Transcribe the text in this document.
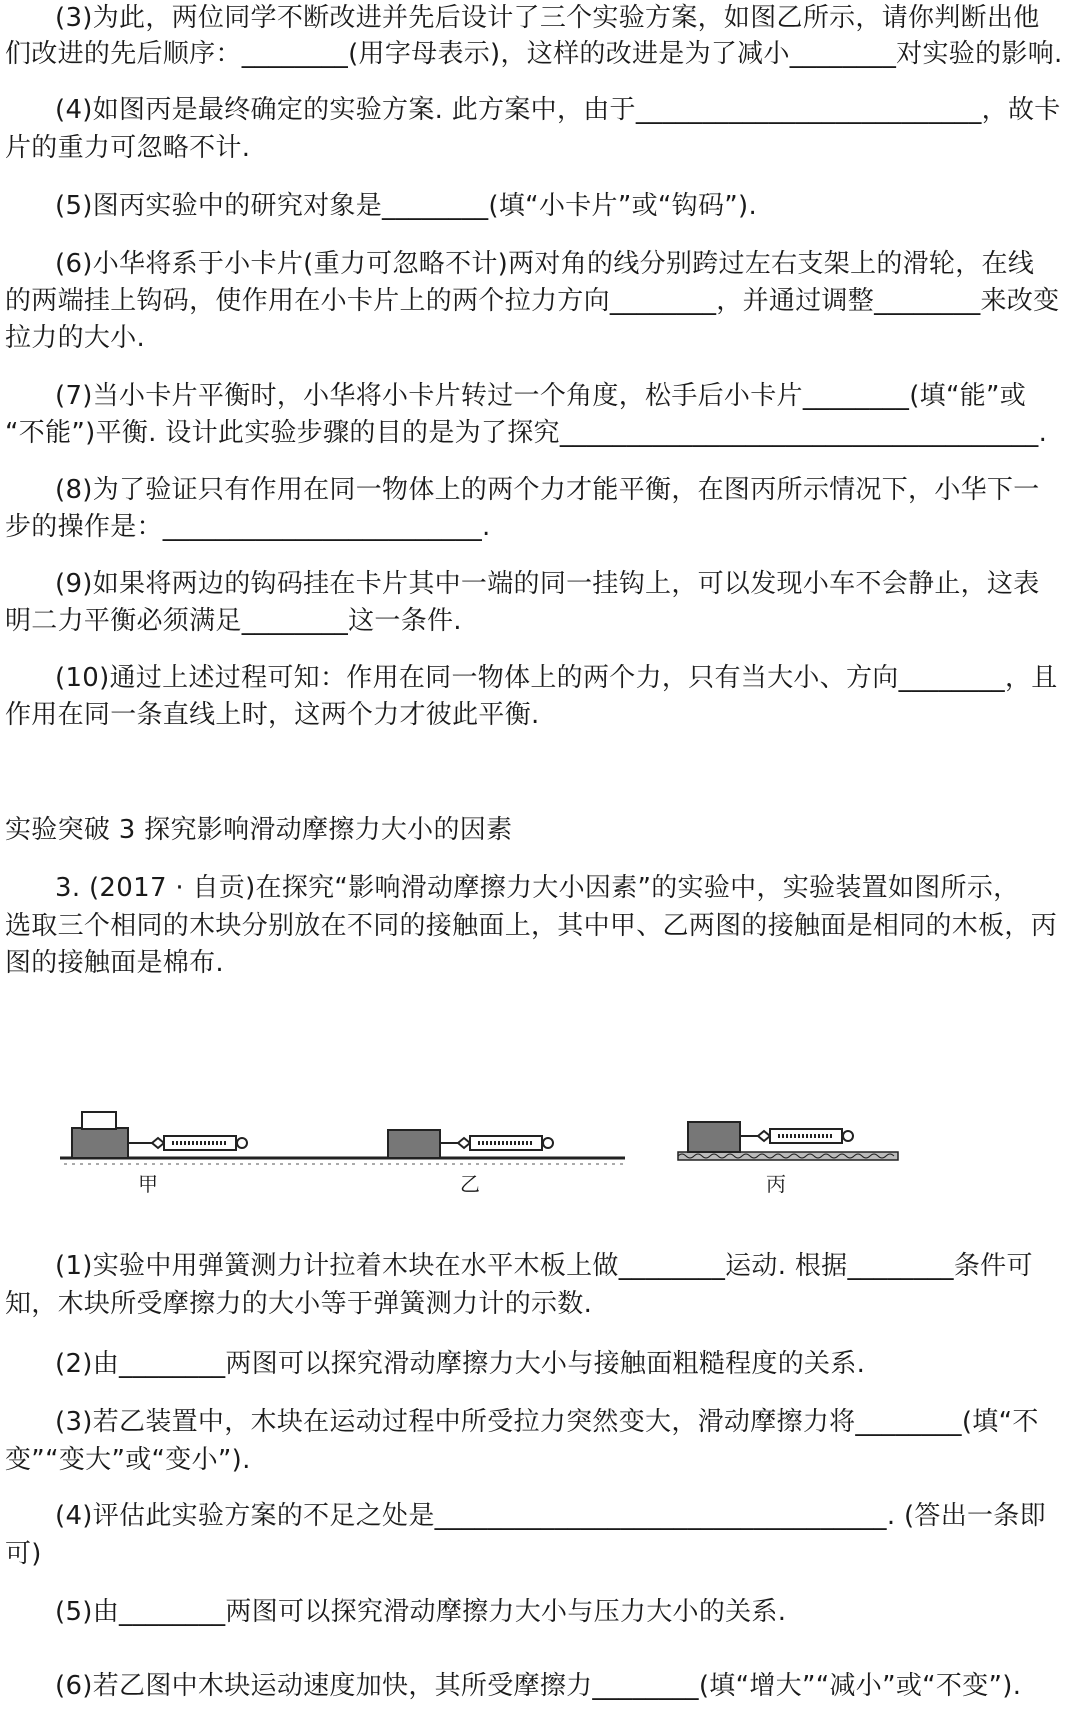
(3)为此，两位同学不断改进并先后设计了三个实验方案，如图乙所示，请你判断出他
们改进的先后顺序：________(用字母表示)，这样的改进是为了减小________对实验的影响.
(4)如图丙是最终确定的实验方案. 此方案中，由于__________________________，故卡
片的重力可忽略不计.
(5)图丙实验中的研究对象是________(填“小卡片”或“钩码”).
(6)小华将系于小卡片(重力可忽略不计)两对角的线分别跨过左右支架上的滑轮，在线
的两端挂上钩码，使作用在小卡片上的两个拉力方向________，并通过调整________来改变
拉力的大小.
(7)当小卡片平衡时，小华将小卡片转过一个角度，松手后小卡片________(填“能”或
“不能”)平衡. 设计此实验步骤的目的是为了探究____________________________________.
(8)为了验证只有作用在同一物体上的两个力才能平衡，在图丙所示情况下，小华下一
步的操作是：________________________.
(9)如果将两边的钩码挂在卡片其中一端的同一挂钩上，可以发现小车不会静止，这表
明二力平衡必须满足________这一条件.
(10)通过上述过程可知：作用在同一物体上的两个力，只有当大小、方向________，且
作用在同一条直线上时，这两个力才彼此平衡.
实验突破 3 探究影响滑动摩擦力大小的因素
3. (2017 · 自贡)在探究“影响滑动摩擦力大小因素”的实验中，实验装置如图所示，
选取三个相同的木块分别放在不同的接触面上，其中甲、乙两图的接触面是相同的木板，丙
图的接触面是棉布.
甲	乙	丙
(1)实验中用弹簧测力计拉着木块在水平木板上做________运动. 根据________条件可
知，木块所受摩擦力的大小等于弹簧测力计的示数.
(2)由________两图可以探究滑动摩擦力大小与接触面粗糙程度的关系.
(3)若乙装置中，木块在运动过程中所受拉力突然变大，滑动摩擦力将________(填“不
变”“变大”或“变小”).
(4)评估此实验方案的不足之处是__________________________________. (答出一条即
可)
(5)由________两图可以探究滑动摩擦力大小与压力大小的关系.
(6)若乙图中木块运动速度加快，其所受摩擦力________(填“增大”“减小”或“不变”).
